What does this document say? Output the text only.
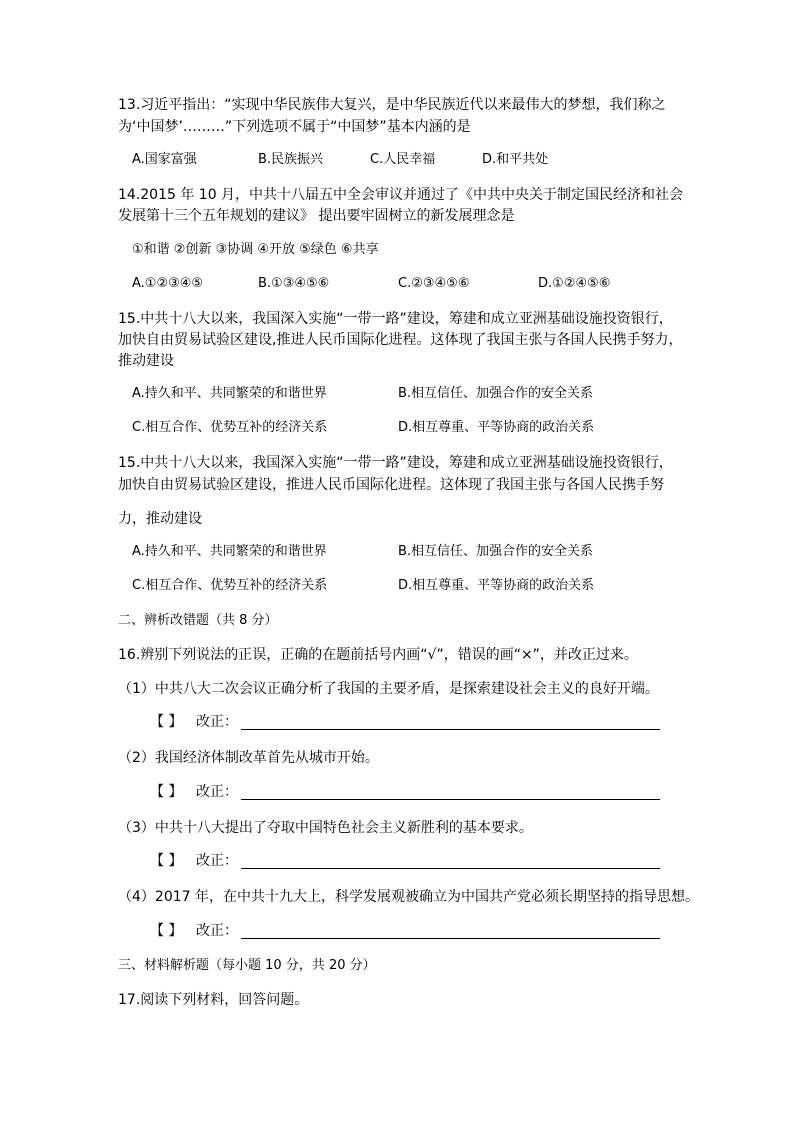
13.习近平指出：“实现中华民族伟大复兴，是中华民族近代以来最伟大的梦想，我们称之
为‘中国梦’………”下列选项不属于“中国梦”基本内涵的是
A.国家富强	B.民族振兴	C.人民幸福	D.和平共处
14.2015 年 10 月，中共十八届五中全会审议并通过了《中共中央关于制定国民经济和社会
发展第十三个五年规划的建议》 提出要牢固树立的新发展理念是
①和谐 ②创新 ③协调 ④开放 ⑤绿色 ⑥共享
A.①②③④⑤	B.①③④⑤⑥	C.②③④⑤⑥	D.①②④⑤⑥
15.中共十八大以来，我国深入实施“一带一路”建设，筹建和成立亚洲基础设施投资银行，
加快自由贸易试验区建设,推进人民币国际化进程。这体现了我国主张与各国人民携手努力，
推动建设
A.持久和平、共同繁荣的和谐世界	B.相互信任、加强合作的安全关系
C.相互合作、优势互补的经济关系	D.相互尊重、平等协商的政治关系
15.中共十八大以来，我国深入实施“一带一路”建设，筹建和成立亚洲基础设施投资银行，
加快自由贸易试验区建设，推进人民币国际化进程。这体现了我国主张与各国人民携手努
力，推动建设
A.持久和平、共同繁荣的和谐世界	B.相互信任、加强合作的安全关系
C.相互合作、优势互补的经济关系	D.相互尊重、平等协商的政治关系
二、辨析改错题（共 8 分）
16.辨别下列说法的正误，正确的在题前括号内画“√”，错误的画“×”，并改正过来。
（1）中共八大二次会议正确分析了我国的主要矛盾，是探索建设社会主义的良好开端。
【 】 改正：
（2）我国经济体制改革首先从城市开始。
【 】 改正：
（3）中共十八大提出了夺取中国特色社会主义新胜利的基本要求。
【 】 改正：
（4）2017 年，在中共十九大上，科学发展观被确立为中国共产党必须长期坚持的指导思想。
【 】 改正：
三、材料解析题（每小题 10 分，共 20 分）
17.阅读下列材料，回答问题。
